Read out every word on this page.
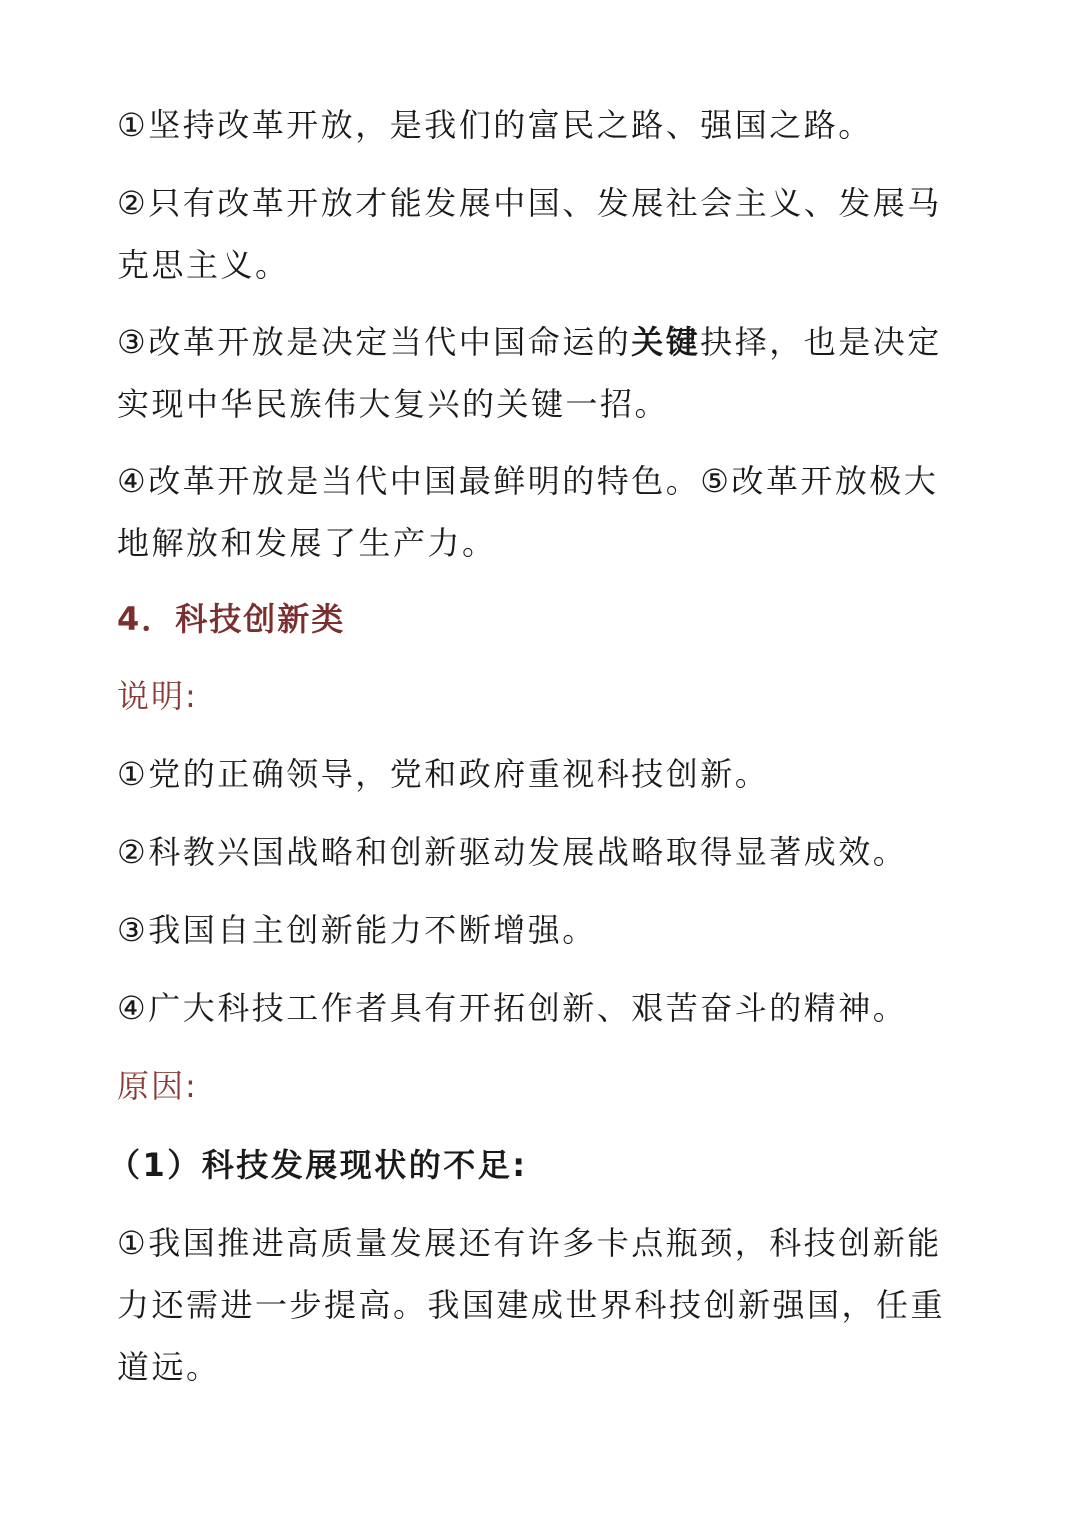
①坚持改革开放，是我们的富民之路、强国之路。

②只有改革开放才能发展中国、发展社会主义、发展马克思主义。

③改革开放是决定当代中国命运的关键抉择，也是决定实现中华民族伟大复兴的关键一招。

④改革开放是当代中国最鲜明的特色。⑤改革开放极大地解放和发展了生产力。

4．科技创新类

说明:

①党的正确领导，党和政府重视科技创新。

②科教兴国战略和创新驱动发展战略取得显著成效。

③我国自主创新能力不断增强。

④广大科技工作者具有开拓创新、艰苦奋斗的精神。

原因:

（1）科技发展现状的不足:

①我国推进高质量发展还有许多卡点瓶颈，科技创新能力还需进一步提高。我国建成世界科技创新强国，任重道远。
